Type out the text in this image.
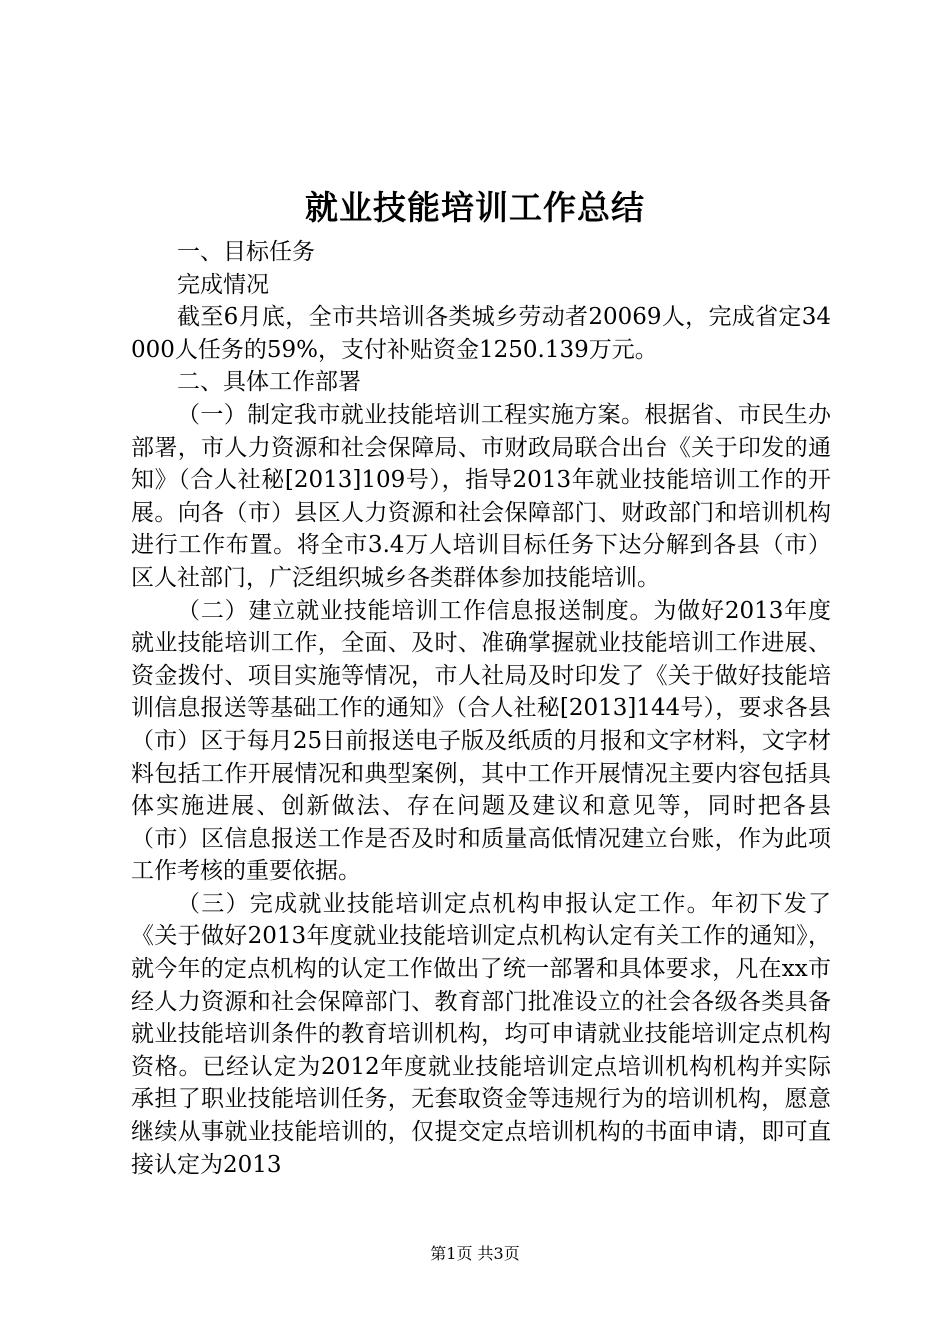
就业技能培训工作总结

一、目标任务

完成情况

截至6月底，全市共培训各类城乡劳动者20069人，完成省定34000人任务的59%，支付补贴资金1250.139万元。

二、具体工作部署

（一）制定我市就业技能培训工程实施方案。根据省、市民生办部署，市人力资源和社会保障局、市财政局联合出台《关于印发的通知》（合人社秘[2013]109号），指导2013年就业技能培训工作的开展。向各（市）县区人力资源和社会保障部门、财政部门和培训机构进行工作布置。将全市3.4万人培训目标任务下达分解到各县（市）区人社部门，广泛组织城乡各类群体参加技能培训。

（二）建立就业技能培训工作信息报送制度。为做好2013年度就业技能培训工作，全面、及时、准确掌握就业技能培训工作进展、资金拨付、项目实施等情况，市人社局及时印发了《关于做好技能培训信息报送等基础工作的通知》（合人社秘[2013]144号），要求各县（市）区于每月25日前报送电子版及纸质的月报和文字材料，文字材料包括工作开展情况和典型案例，其中工作开展情况主要内容包括具体实施进展、创新做法、存在问题及建议和意见等，同时把各县（市）区信息报送工作是否及时和质量高低情况建立台账，作为此项工作考核的重要依据。

（三）完成就业技能培训定点机构申报认定工作。年初下发了《关于做好2013年度就业技能培训定点机构认定有关工作的通知》，就今年的定点机构的认定工作做出了统一部署和具体要求，凡在xx市经人力资源和社会保障部门、教育部门批准设立的社会各级各类具备就业技能培训条件的教育培训机构，均可申请就业技能培训定点机构资格。已经认定为2012年度就业技能培训定点培训机构机构并实际承担了职业技能培训任务，无套取资金等违规行为的培训机构，愿意继续从事就业技能培训的，仅提交定点培训机构的书面申请，即可直接认定为2013

第1页 共3页
